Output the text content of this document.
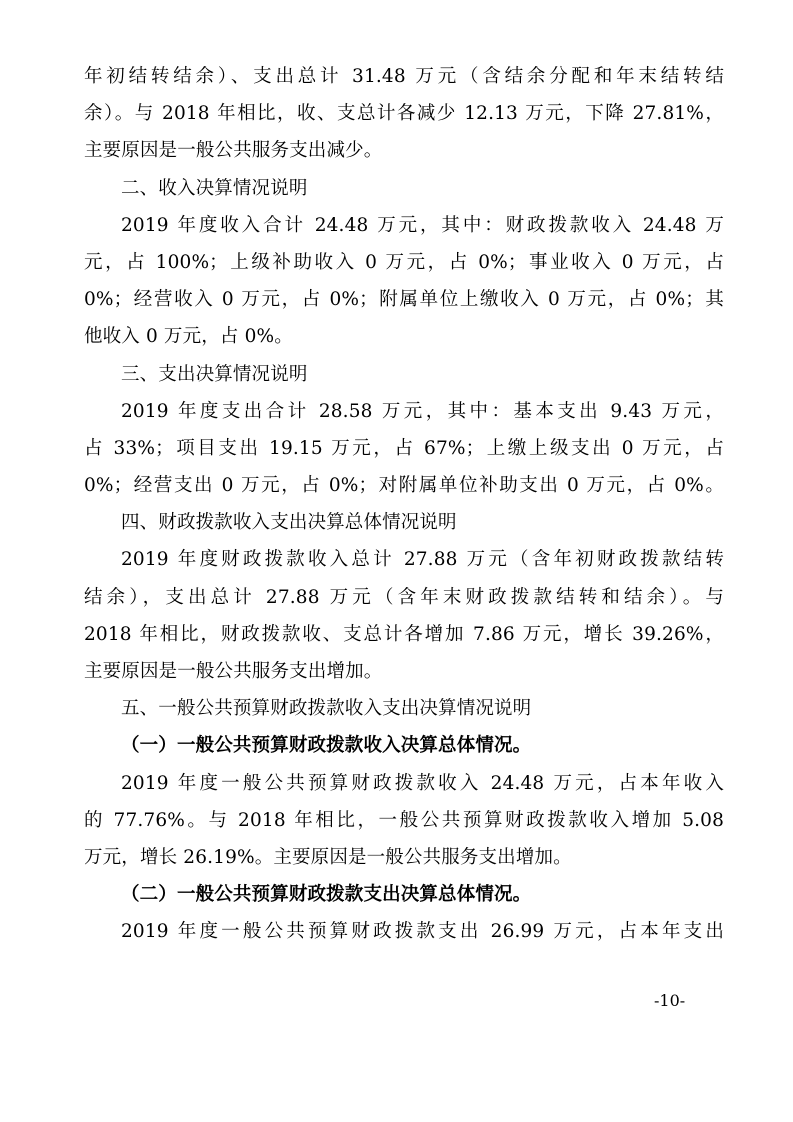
年初结转结余）、支出总计 31.48 万元（含结余分配和年末结转结
余）。与 2018 年相比，收、支总计各减少 12.13 万元，下降 27.81%，
主要原因是一般公共服务支出减少。
二、收入决算情况说明
2019 年度收入合计 24.48 万元，其中：财政拨款收入 24.48 万
元，占 100%；上级补助收入 0 万元，占 0%；事业收入 0 万元，占
0%；经营收入 0 万元，占 0%；附属单位上缴收入 0 万元，占 0%；其
他收入 0 万元，占 0%。
三、支出决算情况说明
2019 年度支出合计 28.58 万元，其中：基本支出 9.43 万元，
占 33%；项目支出 19.15 万元，占 67%；上缴上级支出 0 万元，占
0%；经营支出 0 万元，占 0%；对附属单位补助支出 0 万元，占 0%。
四、财政拨款收入支出决算总体情况说明
2019 年度财政拨款收入总计 27.88 万元（含年初财政拨款结转
结余），支出总计 27.88 万元（含年末财政拨款结转和结余）。与
2018 年相比，财政拨款收、支总计各增加 7.86 万元，增长 39.26%，
主要原因是一般公共服务支出增加。
五、一般公共预算财政拨款收入支出决算情况说明
（一）一般公共预算财政拨款收入决算总体情况。
2019 年度一般公共预算财政拨款收入 24.48 万元，占本年收入
的 77.76%。与 2018 年相比，一般公共预算财政拨款收入增加 5.08
万元，增长 26.19%。主要原因是一般公共服务支出增加。
（二）一般公共预算财政拨款支出决算总体情况。
2019 年度一般公共预算财政拨款支出 26.99 万元，占本年支出
-10-
